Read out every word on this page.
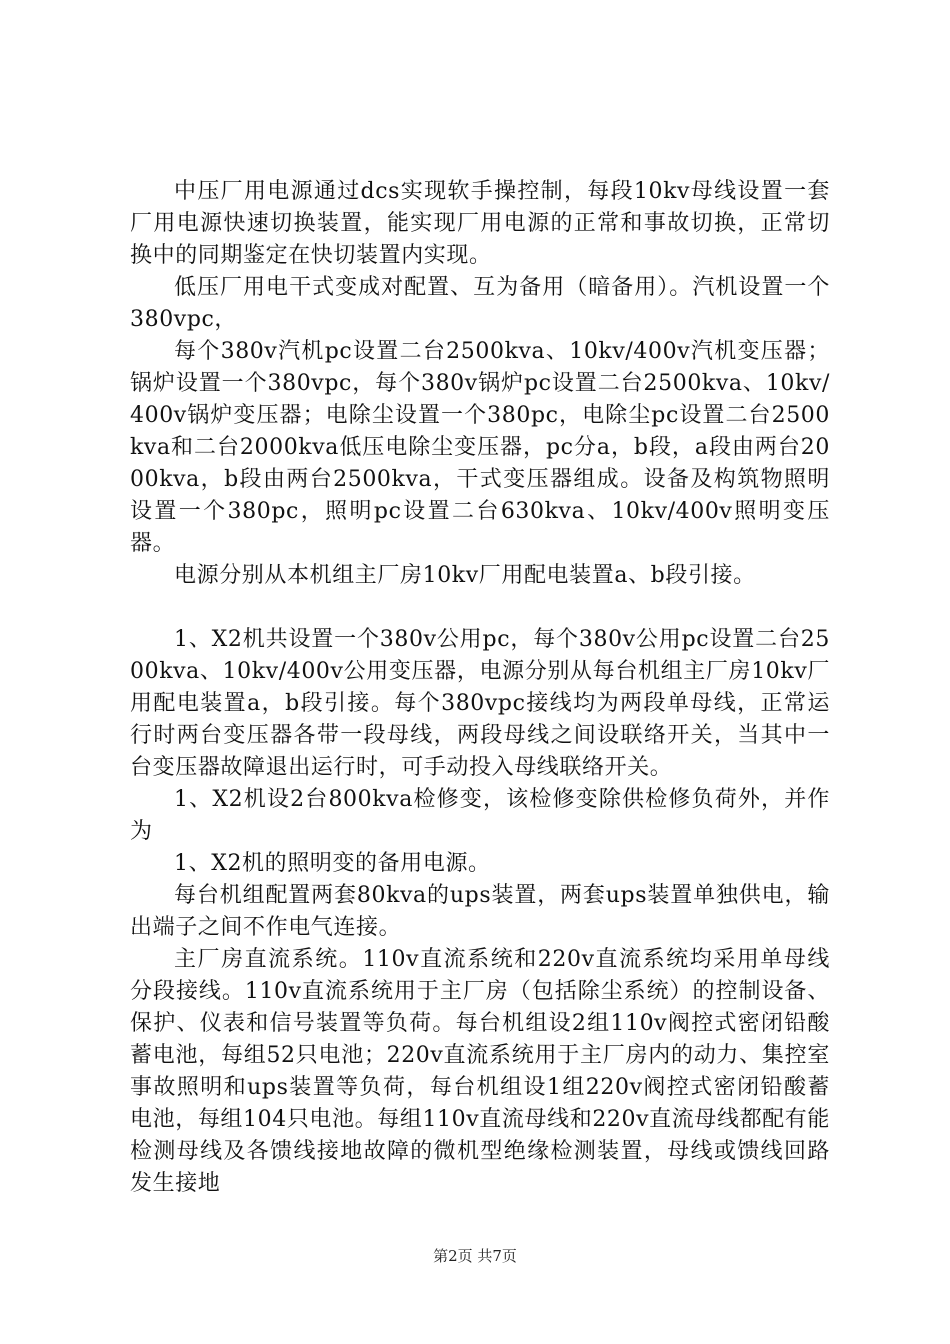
中压厂用电源通过dcs实现软手操控制，每段10kv母线设置一套厂用电源快速切换装置，能实现厂用电源的正常和事故切换，正常切换中的同期鉴定在快切装置内实现。

低压厂用电干式变成对配置、互为备用（暗备用）。汽机设置一个380vpc，

每个380v汽机pc设置二台2500kva、10kv/400v汽机变压器；锅炉设置一个380vpc，每个380v锅炉pc设置二台2500kva、10kv/400v锅炉变压器；电除尘设置一个380pc，电除尘pc设置二台2500kva和二台2000kva低压电除尘变压器，pc分a，b段，a段由两台2000kva，b段由两台2500kva，干式变压器组成。设备及构筑物照明设置一个380pc，照明pc设置二台630kva、10kv/400v照明变压器。

电源分别从本机组主厂房10kv厂用配电装置a、b段引接。

1、X2机共设置一个380v公用pc，每个380v公用pc设置二台2500kva、10kv/400v公用变压器，电源分别从每台机组主厂房10kv厂用配电装置a，b段引接。每个380vpc接线均为两段单母线，正常运行时两台变压器各带一段母线，两段母线之间设联络开关，当其中一台变压器故障退出运行时，可手动投入母线联络开关。

1、X2机设2台800kva检修变，该检修变除供检修负荷外，并作为

1、X2机的照明变的备用电源。

每台机组配置两套80kva的ups装置，两套ups装置单独供电，输出端子之间不作电气连接。

主厂房直流系统。110v直流系统和220v直流系统均采用单母线分段接线。110v直流系统用于主厂房（包括除尘系统）的控制设备、保护、仪表和信号装置等负荷。每台机组设2组110v阀控式密闭铅酸蓄电池，每组52只电池；220v直流系统用于主厂房内的动力、集控室事故照明和ups装置等负荷，每台机组设1组220v阀控式密闭铅酸蓄电池，每组104只电池。每组110v直流母线和220v直流母线都配有能检测母线及各馈线接地故障的微机型绝缘检测装置，母线或馈线回路发生接地

第2页 共7页
